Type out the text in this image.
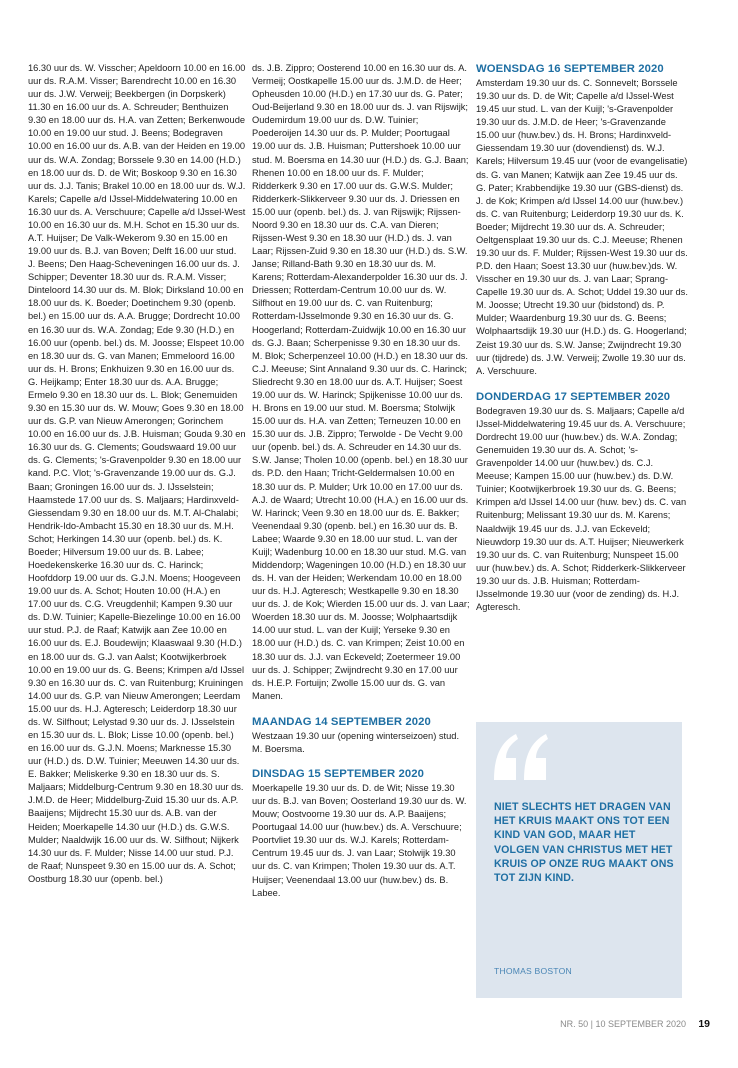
16.30 uur ds. W. Visscher; Apeldoorn 10.00 en 16.00 uur ds. R.A.M. Visser; Barendrecht 10.00 en 16.30 uur ds. J.W. Verweij; Beekbergen (in Dorpskerk) 11.30 en 16.00 uur ds. A. Schreuder; Benthuizen 9.30 en 18.00 uur ds. H.A. van Zetten; Berkenwoude 10.00 en 19.00 uur stud. J. Beens; Bodegraven 10.00 en 16.00 uur ds. A.B. van der Heiden en 19.00 uur ds. W.A. Zondag; Borssele 9.30 en 14.00 (H.D.) en 18.00 uur ds. D. de Wit; Boskoop 9.30 en 16.30 uur ds. J.J. Tanis; Brakel 10.00 en 18.00 uur ds. W.J. Karels; Capelle a/d IJssel-Middelwatering 10.00 en 16.30 uur ds. A. Verschuure; Capelle a/d IJssel-West 10.00 en 16.30 uur ds. M.H. Schot en 15.30 uur ds. A.T. Huijser; De Valk-Wekerom 9.30 en 15.00 en 19.00 uur ds. B.J. van Boven; Delft 16.00 uur stud. J. Beens; Den Haag-Scheveningen 16.00 uur ds. J. Schipper; Deventer 18.30 uur ds. R.A.M. Visser; Dinteloord 14.30 uur ds. M. Blok; Dirksland 10.00 en 18.00 uur ds. K. Boeder; Doetinchem 9.30 (openb. bel.) en 15.00 uur ds. A.A. Brugge; Dordrecht 10.00 en 16.30 uur ds. W.A. Zondag; Ede 9.30 (H.D.) en 16.00 uur (openb. bel.) ds. M. Joosse; Elspeet 10.00 en 18.30 uur ds. G. van Manen; Emmeloord 16.00 uur ds. H. Brons; Enkhuizen 9.30 en 16.00 uur ds. G. Heijkamp; Enter 18.30 uur ds. A.A. Brugge; Ermelo 9.30 en 18.30 uur ds. L. Blok; Genemuiden 9.30 en 15.30 uur ds. W. Mouw; Goes 9.30 en 18.00 uur ds. G.P. van Nieuw Amerongen; Gorinchem 10.00 en 16.00 uur ds. J.B. Huisman; Gouda 9.30 en 16.30 uur ds. G. Clements; Goudswaard 19.00 uur ds. G. Clements; 's-Gravenpolder 9.30 en 18.00 uur kand. P.C. Vlot; 's-Gravenzande 19.00 uur ds. G.J. Baan; Groningen 16.00 uur ds. J. IJsselstein; Haamstede 17.00 uur ds. S. Maljaars; Hardinxveld-Giessendam 9.30 en 18.00 uur ds. M.T. Al-Chalabi; Hendrik-Ido-Ambacht 15.30 en 18.30 uur ds. M.H. Schot; Herkingen 14.30 uur (openb. bel.) ds. K. Boeder; Hilversum 19.00 uur ds. B. Labee; Hoedekenskerke 16.30 uur ds. C. Harinck; Hoofddorp 19.00 uur ds. G.J.N. Moens; Hoogeveen 19.00 uur ds. A. Schot; Houten 10.00 (H.A.) en 17.00 uur ds. C.G. Vreugdenhil; Kampen 9.30 uur ds. D.W. Tuinier; Kapelle-Biezelinge 10.00 en 16.00 uur stud. P.J. de Raaf; Katwijk aan Zee 10.00 en 16.00 uur ds. E.J. Boudewijn; Klaaswaal 9.30 (H.D.) en 18.00 uur ds. G.J. van Aalst; Kootwijkerbroek 10.00 en 19.00 uur ds. G. Beens; Krimpen a/d IJssel 9.30 en 16.30 uur ds. C. van Ruitenburg; Kruiningen 14.00 uur ds. G.P. van Nieuw Amerongen; Leerdam 15.00 uur ds. H.J. Agteresch; Leiderdorp 18.30 uur ds. W. Silfhout; Lelystad 9.30 uur ds. J. IJsselstein en 15.30 uur ds. L. Blok; Lisse 10.00 (openb. bel.) en 16.00 uur ds. G.J.N. Moens; Marknesse 15.30 uur (H.D.) ds. D.W. Tuinier; Meeuwen 14.30 uur ds. E. Bakker; Meliskerke 9.30 en 18.30 uur ds. S. Maljaars; Middelburg-Centrum 9.30 en 18.30 uur ds. J.M.D. de Heer; Middelburg-Zuid 15.30 uur ds. A.P. Baaijens; Mijdrecht 15.30 uur ds. A.B. van der Heiden; Moerkapelle 14.30 uur (H.D.) ds. G.W.S. Mulder; Naaldwijk 16.00 uur ds. W. Silfhout; Nijkerk 14.30 uur ds. F. Mulder; Nisse 14.00 uur stud. P.J. de Raaf; Nunspeet 9.30 en 15.00 uur ds. A. Schot; Oostburg 18.30 uur (openb. bel.)

ds. J.B. Zippro; Oosterend 10.00 en 16.30 uur ds. A. Vermeij; Oostkapelle 15.00 uur ds. J.M.D. de Heer; Opheusden 10.00 (H.D.) en 17.30 uur ds. G. Pater; Oud-Beijerland 9.30 en 18.00 uur ds. J. van Rijswijk; Oudemirdum 19.00 uur ds. D.W. Tuinier; Poederoijen 14.30 uur ds. P. Mulder; Poortugaal 19.00 uur ds. J.B. Huisman; Puttershoek 10.00 uur stud. M. Boersma en 14.30 uur (H.D.) ds. G.J. Baan; Rhenen 10.00 en 18.00 uur ds. F. Mulder; Ridderkerk 9.30 en 17.00 uur ds. G.W.S. Mulder; Ridderkerk-Slikkerveer 9.30 uur ds. J. Driessen en 15.00 uur (openb. bel.) ds. J. van Rijswijk; Rijssen-Noord 9.30 en 18.30 uur ds. C.A. van Dieren; Rijssen-West 9.30 en 18.30 uur (H.D.) ds. J. van Laar; Rijssen-Zuid 9.30 en 18.30 uur (H.D.) ds. S.W. Janse; Rilland-Bath 9.30 en 18.30 uur ds. M. Karens; Rotterdam-Alexanderpolder 16.30 uur ds. J. Driessen; Rotterdam-Centrum 10.00 uur ds. W. Silfhout en 19.00 uur ds. C. van Ruitenburg; Rotterdam-IJsselmonde 9.30 en 16.30 uur ds. G. Hoogerland; Rotterdam-Zuidwijk 10.00 en 16.30 uur ds. G.J. Baan; Scherpenisse 9.30 en 18.30 uur ds. M. Blok; Scherpenzeel 10.00 (H.D.) en 18.30 uur ds. C.J. Meeuse; Sint Annaland 9.30 uur ds. C. Harinck; Sliedrecht 9.30 en 18.00 uur ds. A.T. Huijser; Soest 19.00 uur ds. W. Harinck; Spijkenisse 10.00 uur ds. H. Brons en 19.00 uur stud. M. Boersma; Stolwijk 15.00 uur ds. H.A. van Zetten; Terneuzen 10.00 en 15.30 uur ds. J.B. Zippro; Terwolde - De Vecht 9.00 uur (openb. bel.) ds. A. Schreuder en 14.30 uur ds. S.W. Janse; Tholen 10.00 (openb. bel.) en 18.30 uur ds. P.D. den Haan; Tricht-Geldermalsen 10.00 en 18.30 uur ds. P. Mulder; Urk 10.00 en 17.00 uur ds. A.J. de Waard; Utrecht 10.00 (H.A.) en 16.00 uur ds. W. Harinck; Veen 9.30 en 18.00 uur ds. E. Bakker; Veenendaal 9.30 (openb. bel.) en 16.30 uur ds. B. Labee; Waarde 9.30 en 18.00 uur stud. L. van der Kuijl; Wadenburg 10.00 en 18.30 uur stud. M.G. van Middendorp; Wageningen 10.00 (H.D.) en 18.30 uur ds. H. van der Heiden; Werkendam 10.00 en 18.00 uur ds. H.J. Agteresch; Westkapelle 9.30 en 18.30 uur ds. J. de Kok; Wierden 15.00 uur ds. J. van Laar; Woerden 18.30 uur ds. M. Joosse; Wolphaartsdijk 14.00 uur stud. L. van der Kuijl; Yerseke 9.30 en 18.00 uur (H.D.) ds. C. van Krimpen; Zeist 10.00 en 18.30 uur ds. J.J. van Eckeveld; Zoetermeer 19.00 uur ds. J. Schipper; Zwijndrecht 9.30 en 17.00 uur ds. H.E.P. Fortuijn; Zwolle 15.00 uur ds. G. van Manen.

MAANDAG 14 SEPTEMBER 2020

Westzaan 19.30 uur (opening winterseizoen) stud. M. Boersma.

DINSDAG 15 SEPTEMBER 2020

Moerkapelle 19.30 uur ds. D. de Wit; Nisse 19.30 uur ds. B.J. van Boven; Oosterland 19.30 uur ds. W. Mouw; Oostvoorne 19.30 uur ds. A.P. Baaijens; Poortugaal 14.00 uur (huw.bev.) ds. A. Verschuure; Poortvliet 19.30 uur ds. W.J. Karels; Rotterdam-Centrum 19.45 uur ds. J. van Laar; Stolwijk 19.30 uur ds. C. van Krimpen; Tholen 19.30 uur ds. A.T. Huijser; Veenendaal 13.00 uur (huw.bev.) ds. B. Labee.

WOENSDAG 16 SEPTEMBER 2020

Amsterdam 19.30 uur ds. C. Sonnevelt; Borssele 19.30 uur ds. D. de Wit; Capelle a/d IJssel-West 19.45 uur stud. L. van der Kuijl; 's-Gravenpolder 19.30 uur ds. J.M.D. de Heer; 's-Gravenzande 15.00 uur (huw.bev.) ds. H. Brons; Hardinxveld-Giessendam 19.30 uur (dovendienst) ds. W.J. Karels; Hilversum 19.45 uur (voor de evangelisatie) ds. G. van Manen; Katwijk aan Zee 19.45 uur ds. G. Pater; Krabbendijke 19.30 uur (GBS-dienst) ds. J. de Kok; Krimpen a/d IJssel 14.00 uur (huw.bev.) ds. C. van Ruitenburg; Leiderdorp 19.30 uur ds. K. Boeder; Mijdrecht 19.30 uur ds. A. Schreuder; Oeltgensplaat 19.30 uur ds. C.J. Meeuse; Rhenen 19.30 uur ds. F. Mulder; Rijssen-West 19.30 uur ds. P.D. den Haan; Soest 13.30 uur (huw.bev.)ds. W. Visscher en 19.30 uur ds. J. van Laar; Sprang-Capelle 19.30 uur ds. A. Schot; Uddel 19.30 uur ds. M. Joosse; Utrecht 19.30 uur (bidstond) ds. P. Mulder; Waardenburg 19.30 uur ds. G. Beens; Wolphaartsdijk 19.30 uur (H.D.) ds. G. Hoogerland; Zeist 19.30 uur ds. S.W. Janse; Zwijndrecht 19.30 uur (tijdrede) ds. J.W. Verweij; Zwolle 19.30 uur ds. A. Verschuure.

DONDERDAG 17 SEPTEMBER 2020

Bodegraven 19.30 uur ds. S. Maljaars; Capelle a/d IJssel-Middelwatering 19.45 uur ds. A. Verschuure; Dordrecht 19.00 uur (huw.bev.) ds. W.A. Zondag; Genemuiden 19.30 uur ds. A. Schot; 's-Gravenpolder 14.00 uur (huw.bev.) ds. C.J. Meeuse; Kampen 15.00 uur (huw.bev.) ds. D.W. Tuinier; Kootwijkerbroek 19.30 uur ds. G. Beens; Krimpen a/d IJssel 14.00 uur (huw. bev.) ds. C. van Ruitenburg; Melissant 19.30 uur ds. M. Karens; Naaldwijk 19.45 uur ds. J.J. van Eckeveld; Nieuwdorp 19.30 uur ds. A.T. Huijser; Nieuwerkerk 19.30 uur ds. C. van Ruitenburg; Nunspeet 15.00 uur (huw.bev.) ds. A. Schot; Ridderkerk-Slikkerveer 19.30 uur ds. J.B. Huisman; Rotterdam-IJsselmonde 19.30 uur (voor de zending) ds. H.J. Agteresch.

NIET SLECHTS HET DRAGEN VAN HET KRUIS MAAKT ONS TOT EEN KIND VAN GOD, MAAR HET VOLGEN VAN CHRISTUS MET HET KRUIS OP ONZE RUG MAAKT ONS TOT ZIJN KIND.
THOMAS BOSTON
NR. 50 | 10 SEPTEMBER 2020 19
